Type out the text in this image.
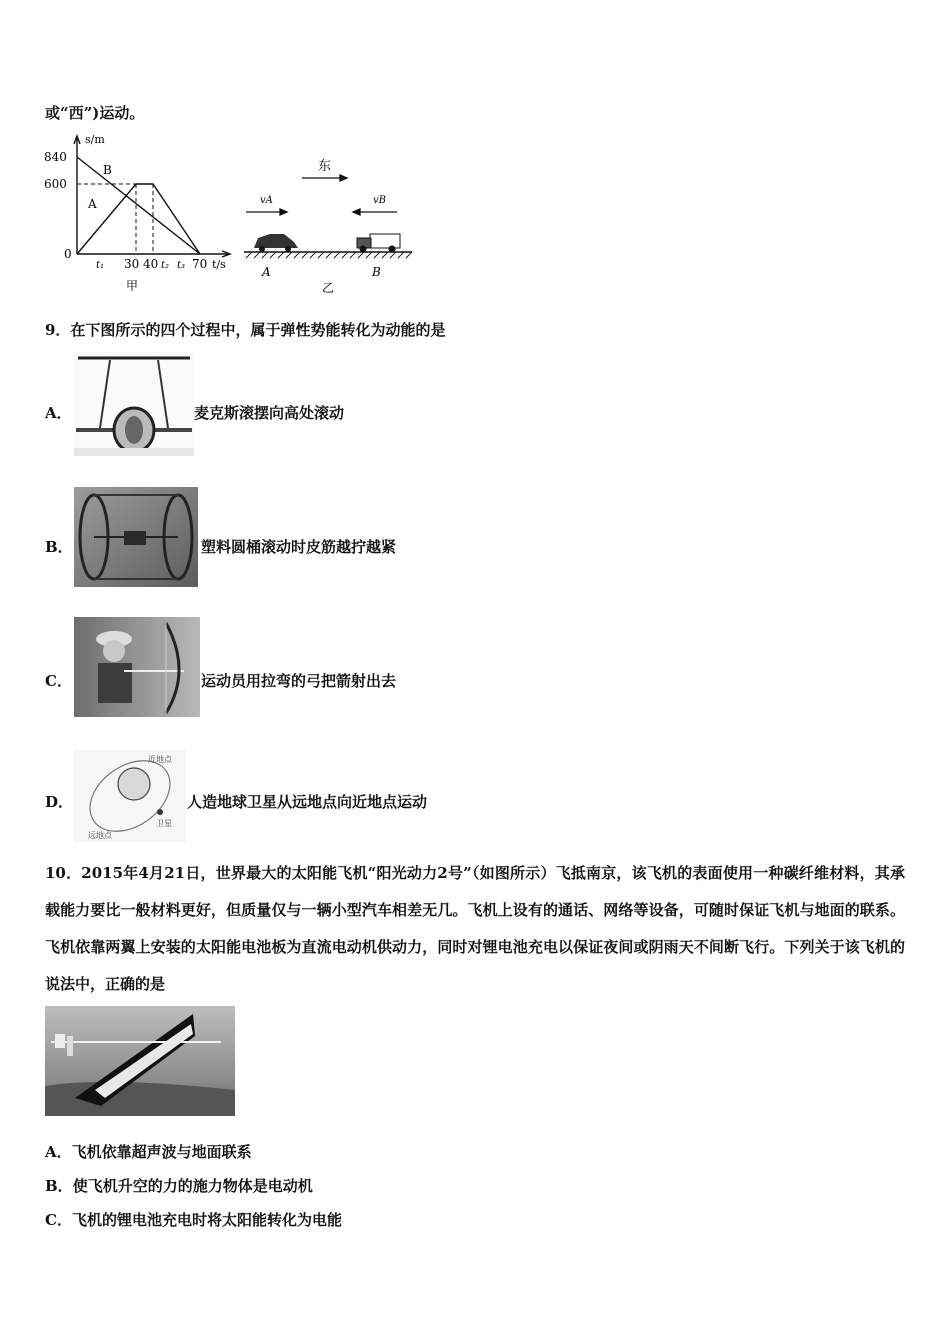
或“西”)运动。
s/m
840
600
0
t₁ 30 40 t₂ t₃ 70 t/s
A
B
甲
东
vA	vB
A	B
乙
9．在下图所示的四个过程中，属于弹性势能转化为动能的是
A．	麦克斯滚摆向高处滚动
B．	塑料圆桶滚动时皮筋越拧越紧
C．	运动员用拉弯的弓把箭射出去
D．
近地点
卫星
远地点
人造地球卫星从远地点向近地点运动
10．2015年4月21日，世界最大的太阳能飞机“阳光动力2号”（如图所示）飞抵南京，该飞机的表面使用一种碳纤维材料，其承载能力要比一般材料更好，但质量仅与一辆小型汽车相差无几。飞机上设有的通话、网络等设备，可随时保证飞机与地面的联系。飞机依靠两翼上安装的太阳能电池板为直流电动机供动力，同时对锂电池充电以保证夜间或阴雨天不间断飞行。下列关于该飞机的说法中，正确的是
A．飞机依靠超声波与地面联系
B．使飞机升空的力的施力物体是电动机
C．飞机的锂电池充电时将太阳能转化为电能
